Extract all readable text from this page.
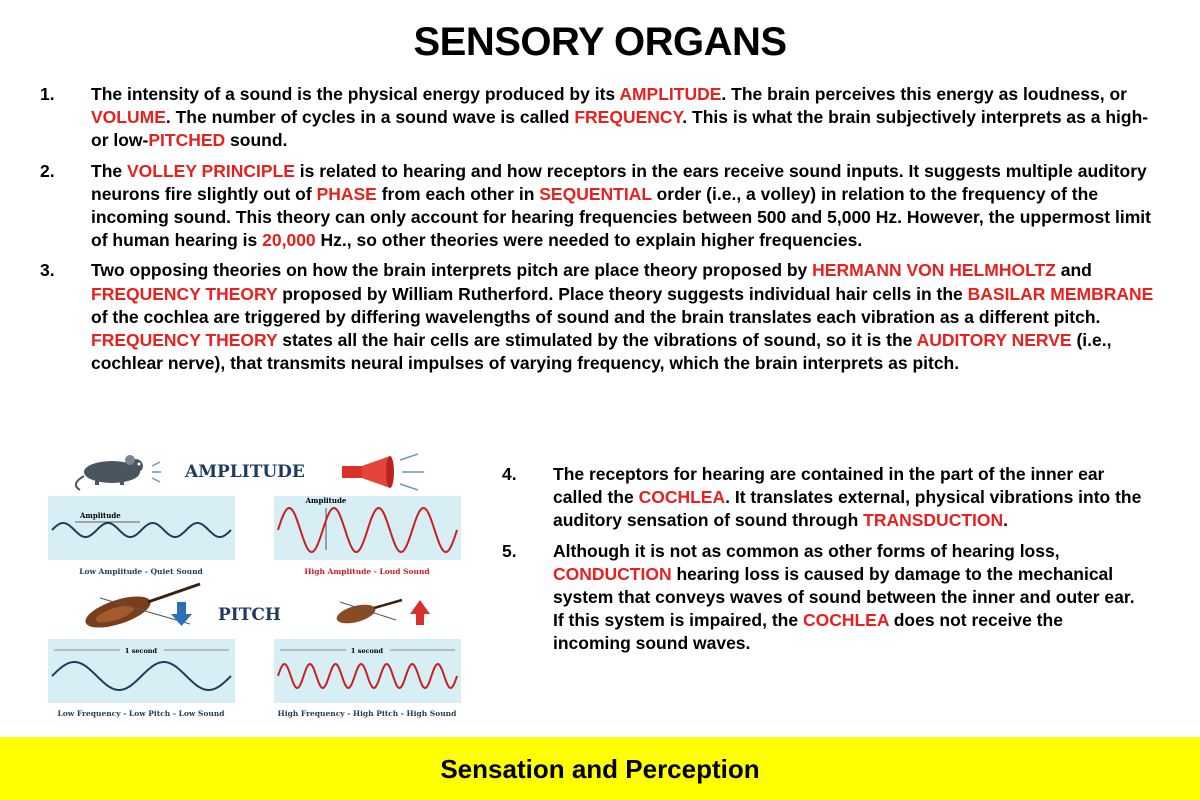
SENSORY ORGANS
1. The intensity of a sound is the physical energy produced by its AMPLITUDE. The brain perceives this energy as loudness, or VOLUME. The number of cycles in a sound wave is called FREQUENCY. This is what the brain subjectively interprets as a high- or low-PITCHED sound.
2. The VOLLEY PRINCIPLE is related to hearing and how receptors in the ears receive sound inputs. It suggests multiple auditory neurons fire slightly out of PHASE from each other in SEQUENTIAL order (i.e., a volley) in relation to the frequency of the incoming sound. This theory can only account for hearing frequencies between 500 and 5,000 Hz. However, the uppermost limit of human hearing is 20,000 Hz., so other theories were needed to explain higher frequencies.
3. Two opposing theories on how the brain interprets pitch are place theory proposed by HERMANN VON HELMHOLTZ and FREQUENCY THEORY proposed by William Rutherford. Place theory suggests individual hair cells in the BASILAR MEMBRANE of the cochlea are triggered by differing wavelengths of sound and the brain translates each vibration as a different pitch. FREQUENCY THEORY states all the hair cells are stimulated by the vibrations of sound, so it is the AUDITORY NERVE (i.e., cochlear nerve), that transmits neural impulses of varying frequency, which the brain interprets as pitch.
AMPLITUDE
Amplitude
Low Amplitude - Quiet Sound
Amplitude
High Amplitude - Loud Sound
PITCH
1 second
Low Frequency - Low Pitch - Low Sound
1 second
High Frequency - High Pitch - High Sound
4. The receptors for hearing are contained in the part of the inner ear called the COCHLEA. It translates external, physical vibrations into the auditory sensation of sound through TRANSDUCTION.
5. Although it is not as common as other forms of hearing loss, CONDUCTION hearing loss is caused by damage to the mechanical system that conveys waves of sound between the inner and outer ear. If this system is impaired, the COCHLEA does not receive the incoming sound waves.
Sensation and Perception
